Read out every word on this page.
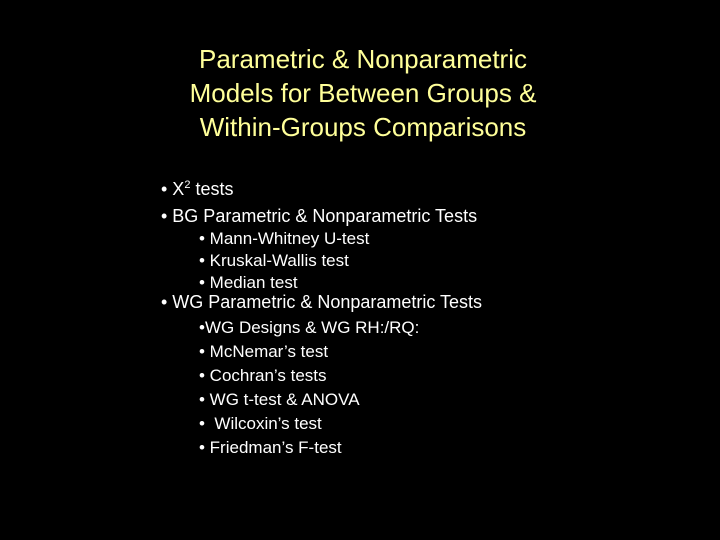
Parametric & Nonparametric
Models for Between Groups &
Within-Groups Comparisons
• $X^2$ tests
• BG Parametric & Nonparametric Tests
• Mann-Whitney U-test
• Kruskal-Wallis test
• Median test
• WG Parametric & Nonparametric Tests
•WG Designs & WG RH:/RQ:
• McNemar’s test
• Cochran’s tests
• WG t-test & ANOVA
•  Wilcoxin’s test
• Friedman’s F-test
